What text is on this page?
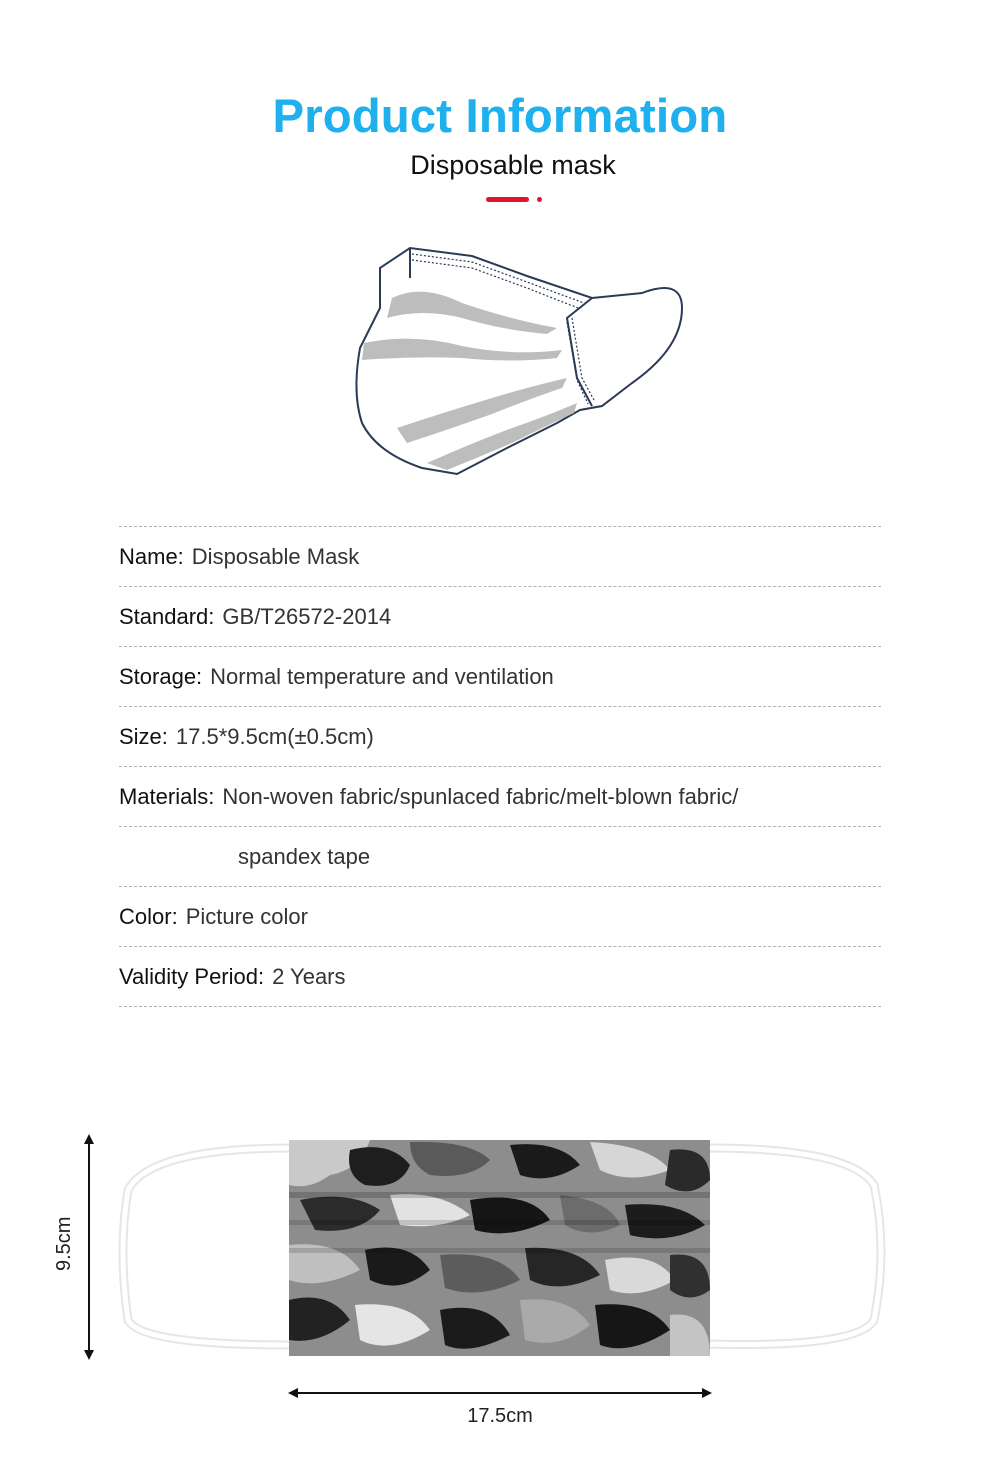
Product Information
Disposable mask
Name: Disposable Mask
Standard: GB/T26572-2014
Storage: Normal temperature and ventilation
Size: 17.5*9.5cm(±0.5cm)
Materials: Non-woven fabric/spunlaced fabric/melt-blown fabric/
spandex tape
Color: Picture color
Validity Period: 2 Years
9.5cm
17.5cm
